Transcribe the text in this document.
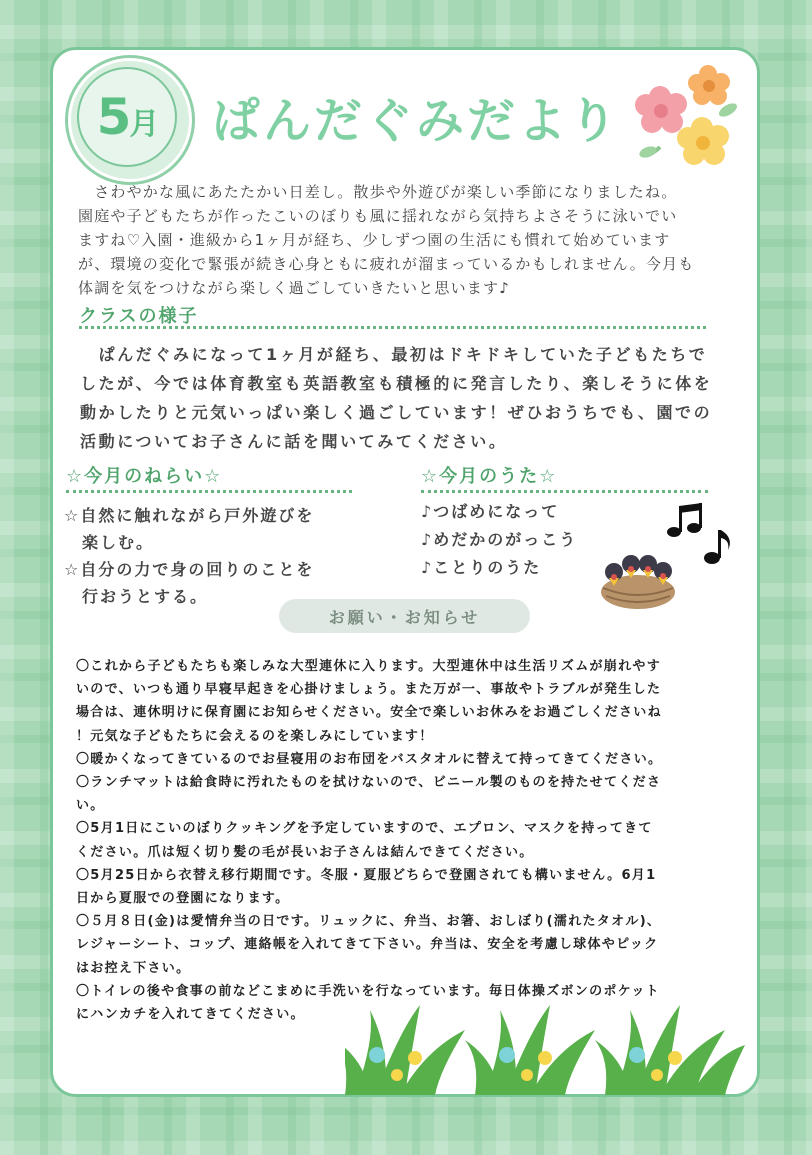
5月 ぱんだぐみだより
　さわやかな風にあたたかい日差し。散歩や外遊びが楽しい季節になりましたね。
園庭や子どもたちが作ったこいのぼりも風に揺れながら気持ちよさそうに泳いでい
ますね♡入園・進級から1ヶ月が経ち、少しずつ園の生活にも慣れて始めています
が、環境の変化で緊張が続き心身ともに疲れが溜まっているかもしれません。今月も
体調を気をつけながら楽しく過ごしていきたいと思います♪
クラスの様子
　ぱんだぐみになって1ヶ月が経ち、最初はドキドキしていた子どもたちで
したが、今では体育教室も英語教室も積極的に発言したり、楽しそうに体を
動かしたりと元気いっぱい楽しく過ごしています！ぜひおうちでも、園での
活動についてお子さんに話を聞いてみてください。
☆今月のねらい☆
☆自然に触れながら戸外遊びを
楽しむ。
☆自分の力で身の回りのことを
行おうとする。
☆今月のうた☆
♪つばめになって
♪めだかのがっこう
♪ことりのうた
お願い・お知らせ
〇これから子どもたちも楽しみな大型連休に入ります。大型連休中は生活リズムが崩れやす
いので、いつも通り早寝早起きを心掛けましょう。また万が一、事故やトラブルが発生した
場合は、連休明けに保育園にお知らせください。安全で楽しいお休みをお過ごしくださいね
！元気な子どもたちに会えるのを楽しみにしています！
〇暖かくなってきているのでお昼寝用のお布団をバスタオルに替えて持ってきてください。
〇ランチマットは給食時に汚れたものを拭けないので、ビニール製のものを持たせてくださ
い。
〇5月1日にこいのぼりクッキングを予定していますので、エプロン、マスクを持ってきて
ください。爪は短く切り髪の毛が長いお子さんは結んできてください。
〇5月25日から衣替え移行期間です。冬服・夏服どちらで登園されても構いません。6月1
日から夏服での登園になります。
〇５月８日(金)は愛情弁当の日です。リュックに、弁当、お箸、おしぼり(濡れたタオル)、
レジャーシート、コップ、連絡帳を入れてきて下さい。弁当は、安全を考慮し球体やピック
はお控え下さい。
〇トイレの後や食事の前などこまめに手洗いを行なっています。毎日体操ズボンのポケット
にハンカチを入れてきてください。
